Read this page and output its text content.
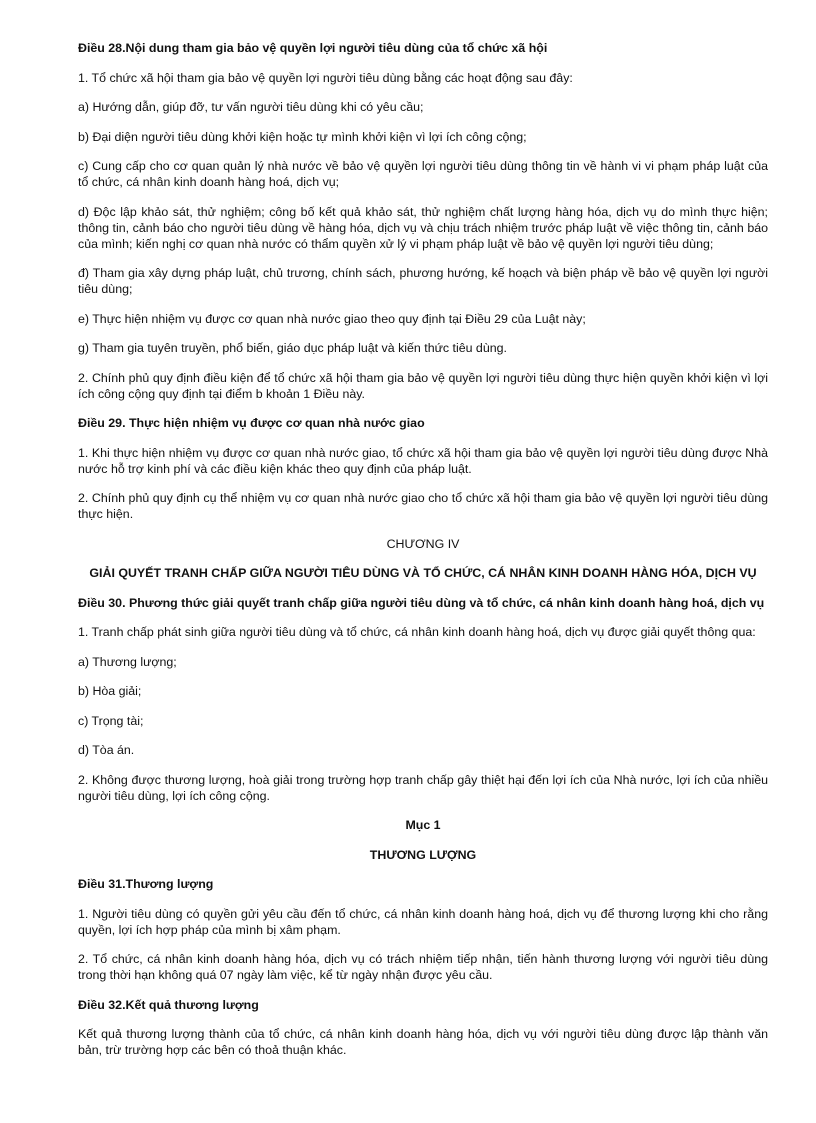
Điều 28.Nội dung tham gia bảo vệ quyền lợi người tiêu dùng của tổ chức xã hội

1. Tổ chức xã hội tham gia bảo vệ quyền lợi người tiêu dùng bằng các hoạt động sau đây:

a) Hướng dẫn, giúp đỡ, tư vấn người tiêu dùng khi có yêu cầu;

b) Đại diện người tiêu dùng khởi kiện hoặc tự mình khởi kiện vì lợi ích công cộng;

c) Cung cấp cho cơ quan quản lý nhà nước về bảo vệ quyền lợi người tiêu dùng thông tin về hành vi vi phạm pháp luật của tổ chức, cá nhân kinh doanh hàng hoá, dịch vụ;

d) Độc lập khảo sát, thử nghiệm; công bố kết quả khảo sát, thử nghiệm chất lượng hàng hóa, dịch vụ do mình thực hiện; thông tin, cảnh báo cho người tiêu dùng về hàng hóa, dịch vụ và chịu trách nhiệm trước pháp luật về việc thông tin, cảnh báo của mình; kiến nghị cơ quan nhà nước có thẩm quyền xử lý vi phạm pháp luật về bảo vệ quyền lợi người tiêu dùng;

đ) Tham gia xây dựng pháp luật, chủ trương, chính sách, phương hướng, kế hoạch và biện pháp về bảo vệ quyền lợi người tiêu dùng;

e) Thực hiện nhiệm vụ được cơ quan nhà nước giao theo quy định tại Điều 29 của Luật này;

g) Tham gia tuyên truyền, phổ biến, giáo dục pháp luật và kiến thức tiêu dùng.

2. Chính phủ quy định điều kiện để tổ chức xã hội tham gia bảo vệ quyền lợi người tiêu dùng thực hiện quyền khởi kiện vì lợi ích công cộng quy định tại điểm b khoản 1 Điều này.

Điều 29. Thực hiện nhiệm vụ được cơ quan nhà nước giao

1. Khi thực hiện nhiệm vụ được cơ quan nhà nước giao, tổ chức xã hội tham gia bảo vệ quyền lợi người tiêu dùng được Nhà nước hỗ trợ kinh phí và các điều kiện khác theo quy định của pháp luật.

2. Chính phủ quy định cụ thể nhiệm vụ cơ quan nhà nước giao cho tổ chức xã hội tham gia bảo vệ quyền lợi người tiêu dùng thực hiện.

CHƯƠNG IV

GIẢI QUYẾT TRANH CHẤP GIỮA NGƯỜI TIÊU DÙNG VÀ TỔ CHỨC, CÁ NHÂN KINH DOANH HÀNG HÓA, DỊCH VỤ

Điều 30. Phương thức giải quyết tranh chấp giữa người tiêu dùng và tổ chức, cá nhân kinh doanh hàng hoá, dịch vụ

1. Tranh chấp phát sinh giữa người tiêu dùng và tổ chức, cá nhân kinh doanh hàng hoá, dịch vụ được giải quyết thông qua:

a) Thương lượng;

b) Hòa giải;

c) Trọng tài;

d) Tòa án.

2. Không được thương lượng, hoà giải trong trường hợp tranh chấp gây thiệt hại đến lợi ích của Nhà nước, lợi ích của nhiều người tiêu dùng, lợi ích công cộng.

Mục 1

THƯƠNG LƯỢNG

Điều 31.Thương lượng

1. Người tiêu dùng có quyền gửi yêu cầu đến tổ chức, cá nhân kinh doanh hàng hoá, dịch vụ để thương lượng khi cho rằng quyền, lợi ích hợp pháp của mình bị xâm phạm.

2. Tổ chức, cá nhân kinh doanh hàng hóa, dịch vụ có trách nhiệm tiếp nhận, tiến hành thương lượng với người tiêu dùng trong thời hạn không quá 07 ngày làm việc, kể từ ngày nhận được yêu cầu.

Điều 32.Kết quả thương lượng

Kết quả thương lượng thành của tổ chức, cá nhân kinh doanh hàng hóa, dịch vụ với người tiêu dùng được lập thành văn bản, trừ trường hợp các bên có thoả thuận khác.
